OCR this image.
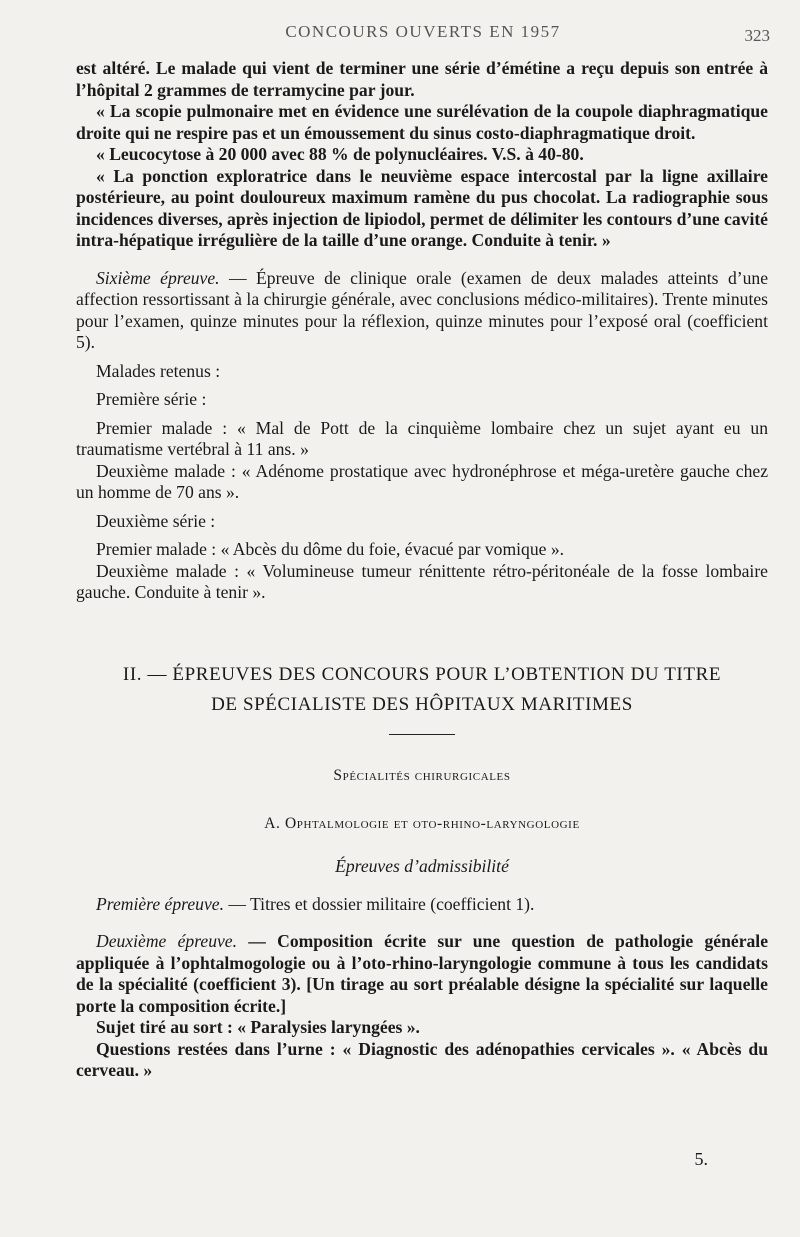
CONCOURS OUVERTS EN 1957	323

est altéré. Le malade qui vient de terminer une série d’émétine a reçu depuis son entrée à l’hôpital 2 grammes de terramycine par jour.

« La scopie pulmonaire met en évidence une surélévation de la coupole diaphragmatique droite qui ne respire pas et un émoussement du sinus costo-diaphragmatique droit.

« Leucocytose à 20 000 avec 88 % de polynucléaires. V.S. à 40-80.

« La ponction exploratrice dans le neuvième espace intercostal par la ligne axillaire postérieure, au point douloureux maximum ramène du pus chocolat. La radiographie sous incidences diverses, après injection de lipiodol, permet de délimiter les contours d’une cavité intra-hépatique irrégulière de la taille d’une orange. Conduite à tenir. »

Sixième épreuve. — Épreuve de clinique orale (examen de deux malades atteints d’une affection ressortissant à la chirurgie générale, avec conclusions médico-militaires). Trente minutes pour l’examen, quinze minutes pour la réflexion, quinze minutes pour l’exposé oral (coefficient 5).

Malades retenus :

Première série :

Premier malade : « Mal de Pott de la cinquième lombaire chez un sujet ayant eu un traumatisme vertébral à 11 ans. »

Deuxième malade : « Adénome prostatique avec hydronéphrose et méga-uretère gauche chez un homme de 70 ans ».

Deuxième série :

Premier malade : « Abcès du dôme du foie, évacué par vomique ».

Deuxième malade : « Volumineuse tumeur rénittente rétro-péritonéale de la fosse lombaire gauche. Conduite à tenir ».

II. — ÉPREUVES DES CONCOURS POUR L’OBTENTION DU TITRE
DE SPÉCIALISTE DES HÔPITAUX MARITIMES
Spécialités chirurgicales
A. Ophtalmologie et oto-rhino-laryngologie
Épreuves d’admissibilité

Première épreuve. — Titres et dossier militaire (coefficient 1).

Deuxième épreuve. — Composition écrite sur une question de pathologie générale appliquée à l’ophtalmogologie ou à l’oto-rhino-laryngologie commune à tous les candidats de la spécialité (coefficient 3). [Un tirage au sort préalable désigne la spécialité sur laquelle porte la composition écrite.]

Sujet tiré au sort : « Paralysies laryngées ».

Questions restées dans l’urne : « Diagnostic des adénopathies cervicales ». « Abcès du cerveau. »

5.
